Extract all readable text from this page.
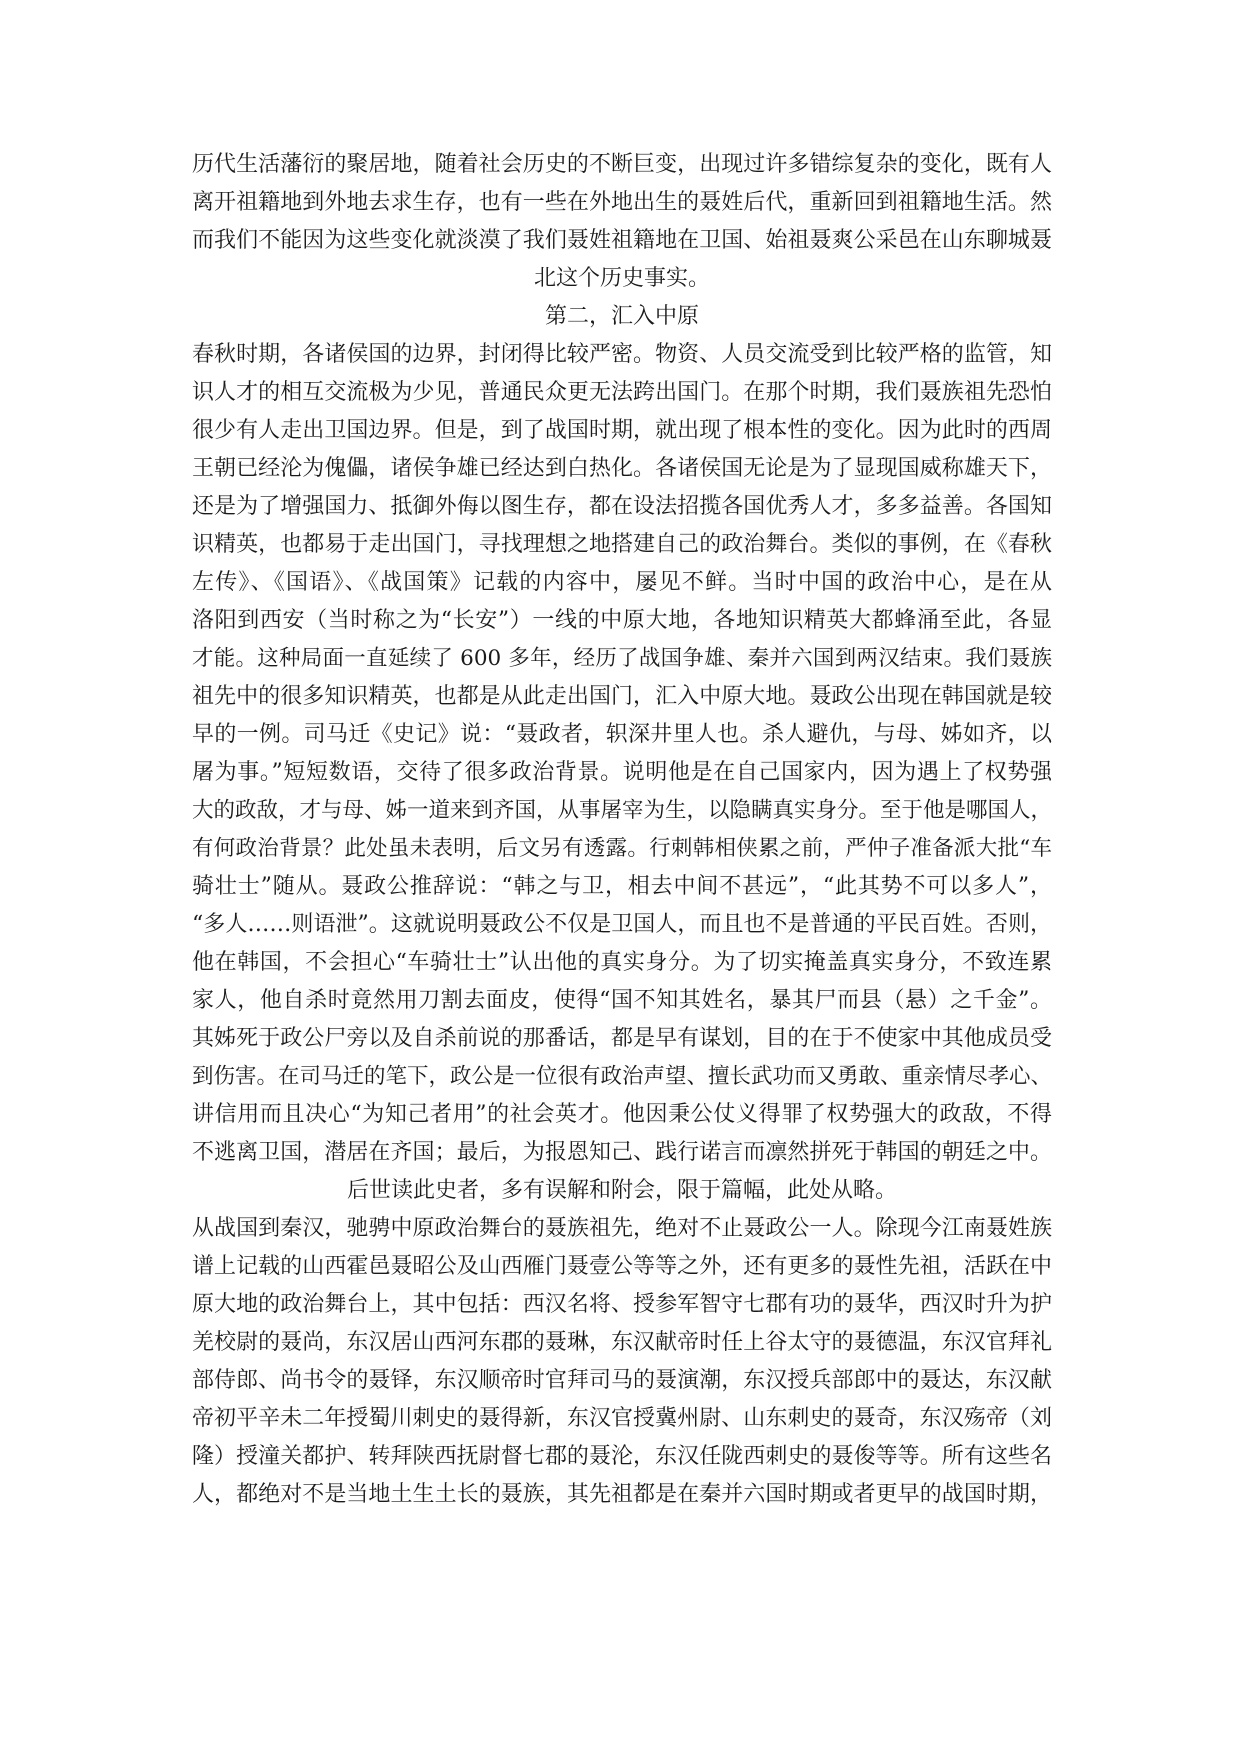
历代生活藩衍的聚居地，随着社会历史的不断巨变，出现过许多错综复杂的变化，既有人
离开祖籍地到外地去求生存，也有一些在外地出生的聂姓后代，重新回到祖籍地生活。然
而我们不能因为这些变化就淡漠了我们聂姓祖籍地在卫国、始祖聂爽公采邑在山东聊城聂
北这个历史事实。
第二，汇入中原
春秋时期，各诸侯国的边界，封闭得比较严密。物资、人员交流受到比较严格的监管，知
识人才的相互交流极为少见，普通民众更无法跨出国门。在那个时期，我们聂族祖先恐怕
很少有人走出卫国边界。但是，到了战国时期，就出现了根本性的变化。因为此时的西周
王朝已经沦为傀儡，诸侯争雄已经达到白热化。各诸侯国无论是为了显现国威称雄天下，
还是为了增强国力、抵御外侮以图生存，都在设法招揽各国优秀人才，多多益善。各国知
识精英，也都易于走出国门，寻找理想之地搭建自己的政治舞台。类似的事例，在《春秋
左传》、《国语》、《战国策》记载的内容中，屡见不鲜。当时中国的政治中心，是在从
洛阳到西安（当时称之为“长安”）一线的中原大地，各地知识精英大都蜂涌至此，各显
才能。这种局面一直延续了 600 多年，经历了战国争雄、秦并六国到两汉结束。我们聂族
祖先中的很多知识精英，也都是从此走出国门，汇入中原大地。聂政公出现在韩国就是较
早的一例。司马迁《史记》说：“聂政者，轵深井里人也。杀人避仇，与母、姊如齐，以
屠为事。”短短数语，交待了很多政治背景。说明他是在自己国家内，因为遇上了权势强
大的政敌，才与母、姊一道来到齐国，从事屠宰为生，以隐瞒真实身分。至于他是哪国人，
有何政治背景？此处虽未表明，后文另有透露。行刺韩相侠累之前，严仲子准备派大批“车
骑壮士”随从。聂政公推辞说：“韩之与卫，相去中间不甚远”，“此其势不可以多人”，
“多人……则语泄”。这就说明聂政公不仅是卫国人，而且也不是普通的平民百姓。否则，
他在韩国，不会担心“车骑壮士”认出他的真实身分。为了切实掩盖真实身分，不致连累
家人，他自杀时竟然用刀割去面皮，使得“国不知其姓名，暴其尸而县（悬）之千金”。
其姊死于政公尸旁以及自杀前说的那番话，都是早有谋划，目的在于不使家中其他成员受
到伤害。在司马迁的笔下，政公是一位很有政治声望、擅长武功而又勇敢、重亲情尽孝心、
讲信用而且决心“为知己者用”的社会英才。他因秉公仗义得罪了权势强大的政敌，不得
不逃离卫国，潜居在齐国；最后，为报恩知己、践行诺言而凛然拼死于韩国的朝廷之中。
后世读此史者，多有误解和附会，限于篇幅，此处从略。
从战国到秦汉，驰骋中原政治舞台的聂族祖先，绝对不止聂政公一人。除现今江南聂姓族
谱上记载的山西霍邑聂昭公及山西雁门聂壹公等等之外，还有更多的聂性先祖，活跃在中
原大地的政治舞台上，其中包括：西汉名将、授参军智守七郡有功的聂华，西汉时升为护
羌校尉的聂尚，东汉居山西河东郡的聂琳，东汉献帝时任上谷太守的聂德温，东汉官拜礼
部侍郎、尚书令的聂铎，东汉顺帝时官拜司马的聂演潮，东汉授兵部郎中的聂达，东汉献
帝初平辛未二年授蜀川刺史的聂得新，东汉官授冀州尉、山东刺史的聂奇，东汉殇帝（刘
隆）授潼关都护、转拜陕西抚尉督七郡的聂沦，东汉任陇西刺史的聂俊等等。所有这些名
人，都绝对不是当地土生土长的聂族，其先祖都是在秦并六国时期或者更早的战国时期，
